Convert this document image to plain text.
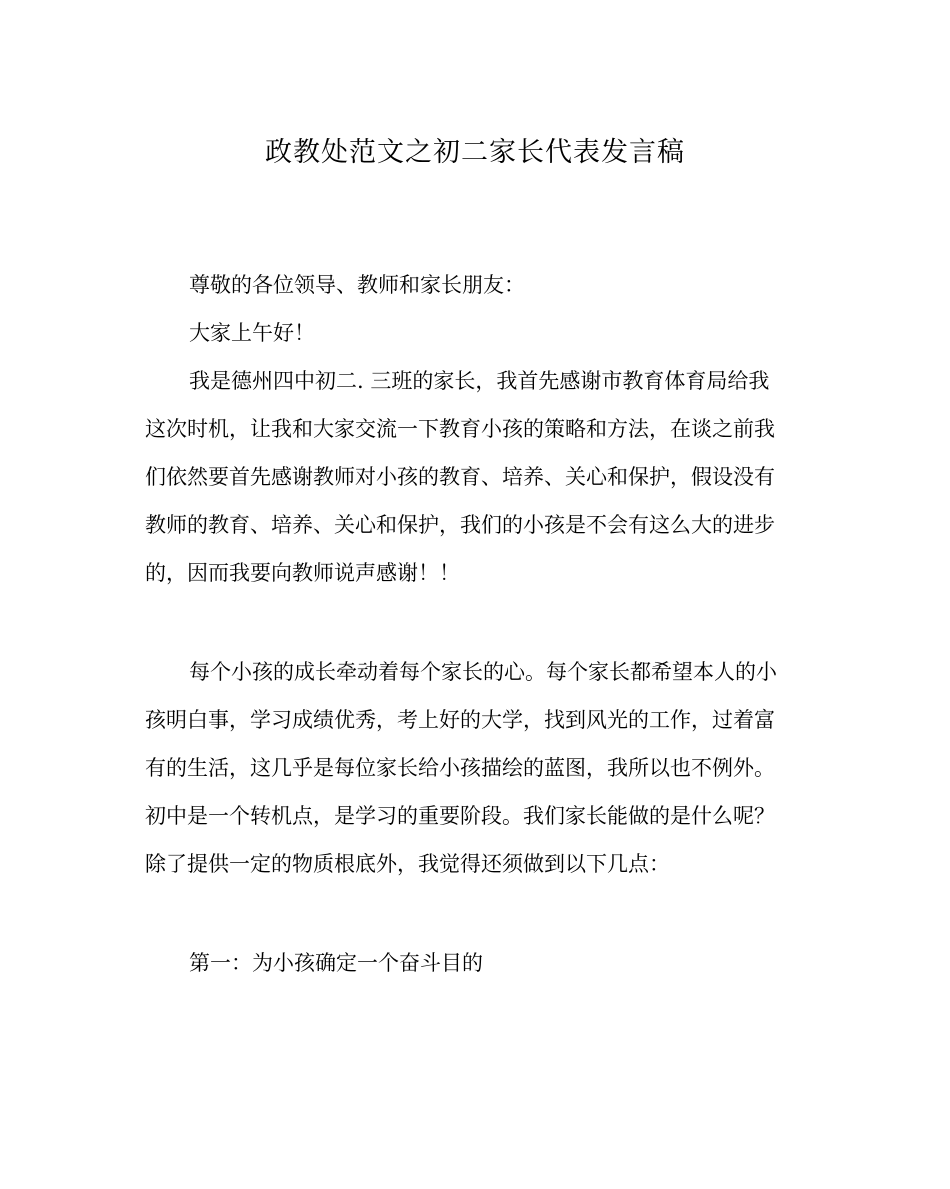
政教处范文之初二家长代表发言稿
尊敬的各位领导、教师和家长朋友：
大家上午好！
我是德州四中初二. 三班的家长，我首先感谢市教育体育局给我
这次时机，让我和大家交流一下教育小孩的策略和方法，在谈之前我
们依然要首先感谢教师对小孩的教育、培养、关心和保护，假设没有
教师的教育、培养、关心和保护，我们的小孩是不会有这么大的进步
的，因而我要向教师说声感谢！！
每个小孩的成长牵动着每个家长的心。每个家长都希望本人的小
孩明白事，学习成绩优秀，考上好的大学，找到风光的工作，过着富
有的生活，这几乎是每位家长给小孩描绘的蓝图，我所以也不例外。
初中是一个转机点，是学习的重要阶段。我们家长能做的是什么呢？
除了提供一定的物质根底外，我觉得还须做到以下几点：
第一：为小孩确定一个奋斗目的
